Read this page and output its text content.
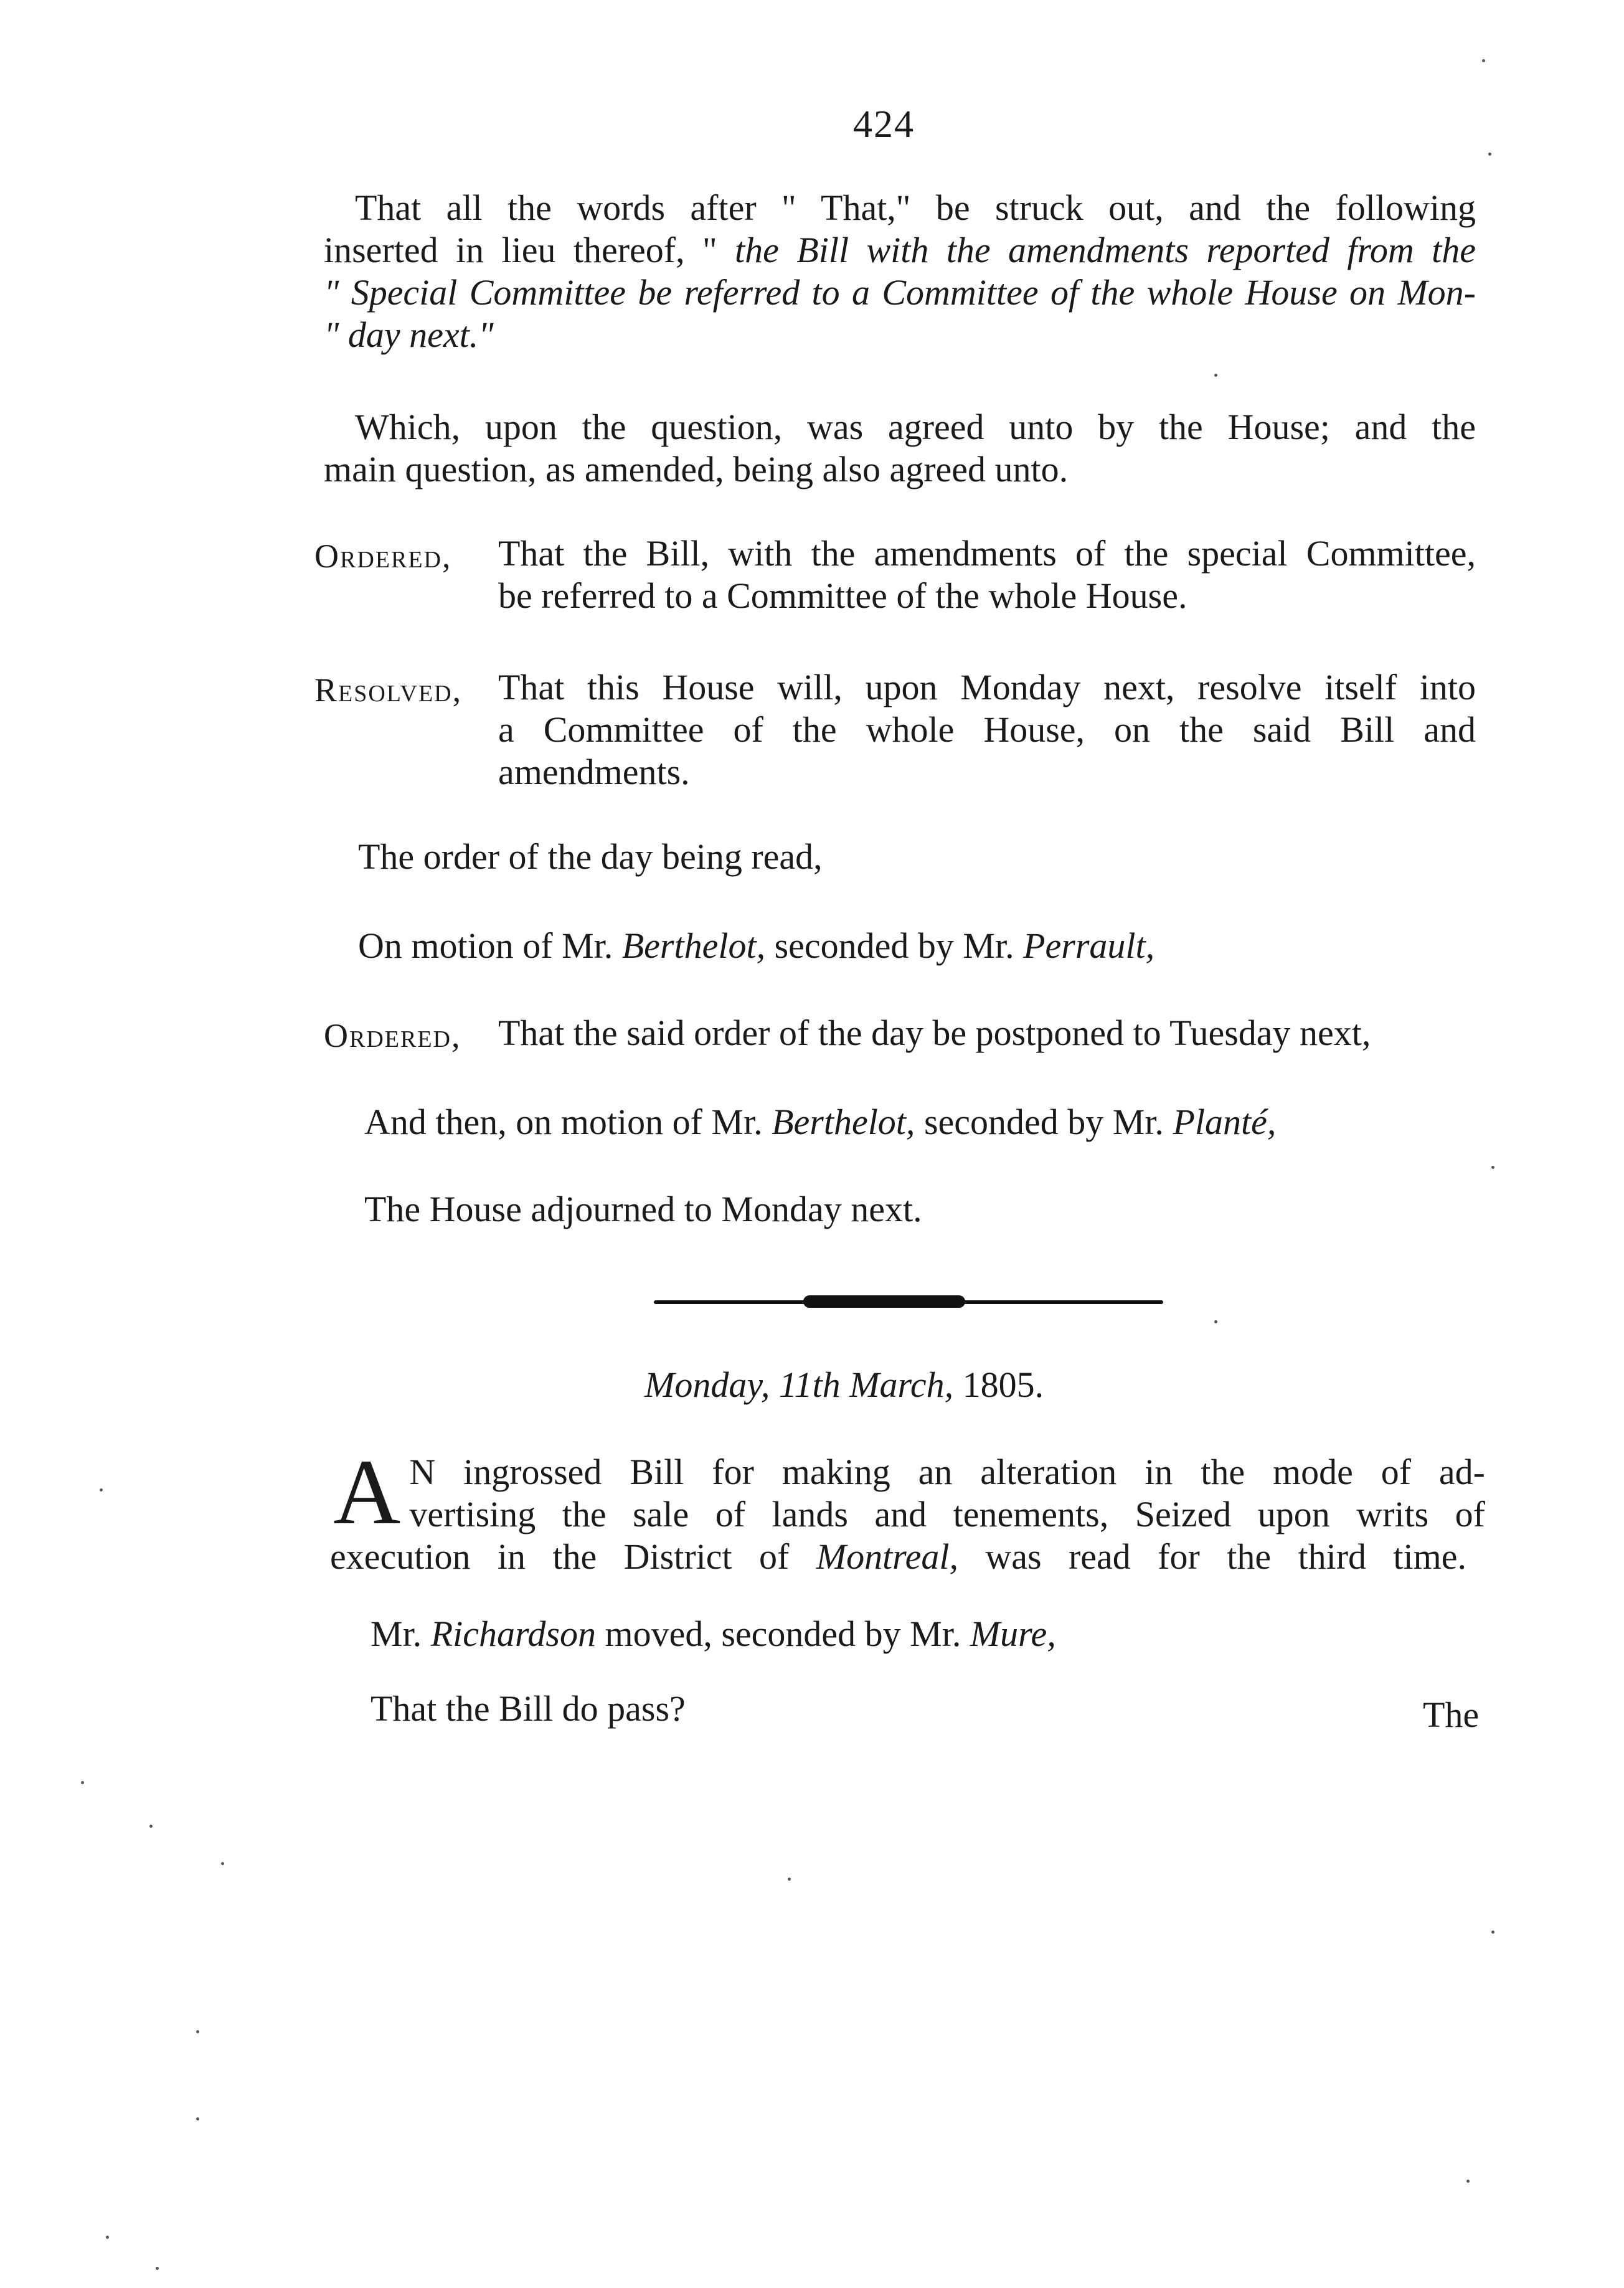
424
That all the words after " That," be struck out, and the following
inserted in lieu thereof, " the Bill with the amendments reported from the
" Special Committee be referred to a Committee of the whole House on Mon-
" day next."
Which, upon the question, was agreed unto by the House; and the
main question, as amended, being also agreed unto.
Ordered, That the Bill, with the amendments of the special Committee,
be referred to a Committee of the whole House.
Resolved, That this House will, upon Monday next, resolve itself into
a Committee of the whole House, on the said Bill and
amendments.
The order of the day being read,
On motion of Mr. Berthelot, seconded by Mr. Perrault,
Ordered, That the said order of the day be postponed to Tuesday next,
And then, on motion of Mr. Berthelot, seconded by Mr. Planté,
The House adjourned to Monday next.
Monday, 11th March, 1805.
A N ingrossed Bill for making an alteration in the mode of ad-
vertising the sale of lands and tenements, Seized upon writs of
execution in the District of Montreal, was read for the third time.
Mr. Richardson moved, seconded by Mr. Mure,
That the Bill do pass?	The
